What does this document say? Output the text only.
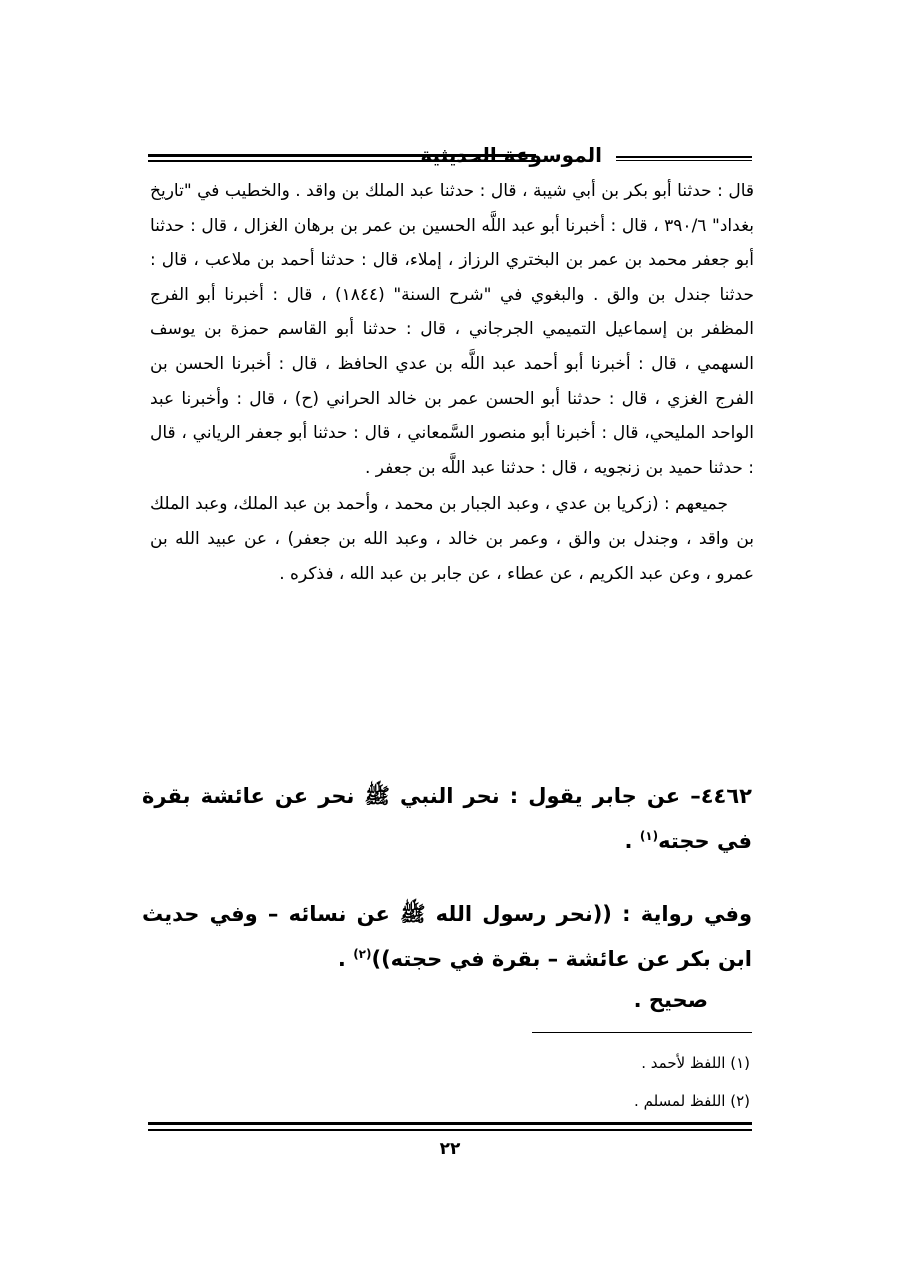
الموسوعة الحديثية

قال : حدثنا أبو بكر بن أبي شيبة ، قال : حدثنا عبد الملك بن واقد . والخطيب في "تاريخ بغداد" ٣٩٠/٦ ، قال : أخبرنا أبو عبد اللَّه الحسين بن عمر بن برهان الغزال ، قال : حدثنا أبو جعفر محمد بن عمر بن البختري الرزاز ، إملاء، قال : حدثنا أحمد بن ملاعب ، قال : حدثنا جندل بن والق . والبغوي في "شرح السنة" (١٨٤٤) ، قال : أخبرنا أبو الفرج المظفر بن إسماعيل التميمي الجرجاني ، قال : حدثنا أبو القاسم حمزة بن يوسف السهمي ، قال : أخبرنا أبو أحمد عبد اللَّه بن عدي الحافظ ، قال : أخبرنا الحسن بن الفرج الغزي ، قال : حدثنا أبو الحسن عمر بن خالد الحراني (ح) ، قال : وأخبرنا عبد الواحد المليحي، قال : أخبرنا أبو منصور السَّمعاني ، قال : حدثنا أبو جعفر الرياني ، قال : حدثنا حميد بن زنجويه ، قال : حدثنا عبد اللَّه بن جعفر .

جميعهم : (زكريا بن عدي ، وعبد الجبار بن محمد ، وأحمد بن عبد الملك، وعبد الملك بن واقد ، وجندل بن والق ، وعمر بن خالد ، وعبد الله بن جعفر) ، عن عبيد الله بن عمرو ، وعن عبد الكريم ، عن عطاء ، عن جابر بن عبد الله ، فذكره .

٤٤٦٢– عن جابر يقول : نحر النبي ﷺ نحر عن عائشة بقرة في حجته$^{(١)}$ .
وفي رواية : ((نحر رسول الله ﷺ عن نسائه – وفي حديث ابن بكر عن عائشة – بقرة في حجته))$^{(٢)}$ .
صحيح .
(١) اللفظ لأحمد .
(٢) اللفظ لمسلم .
٢٢
